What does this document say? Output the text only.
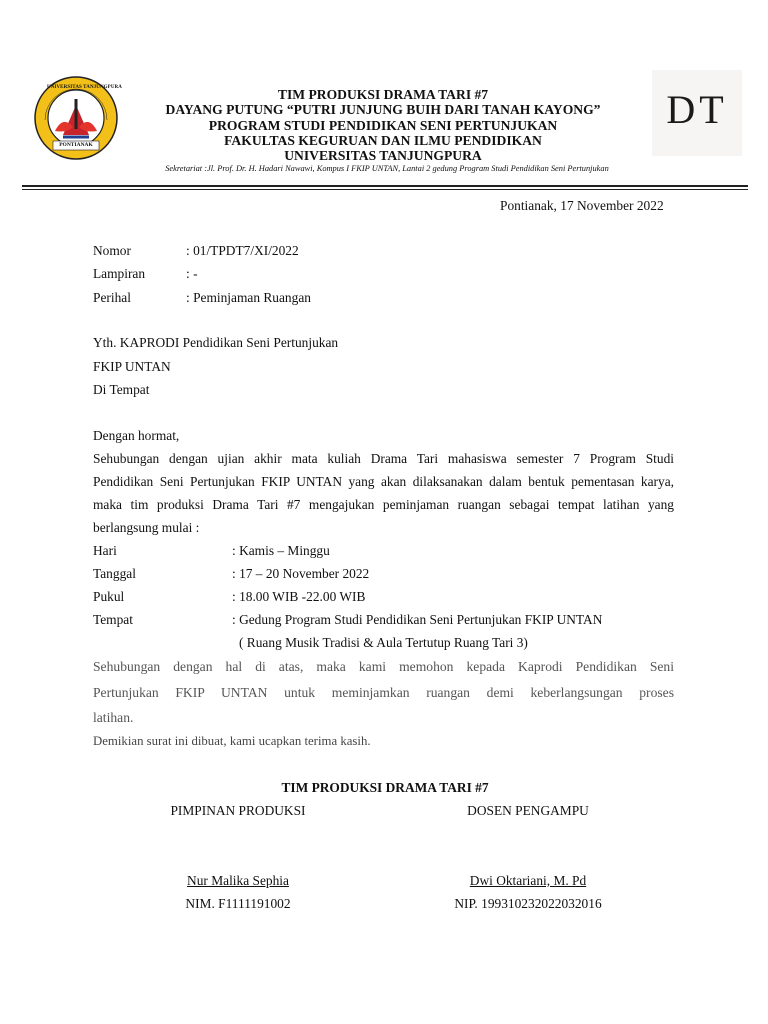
UNIVERSITAS TANJUNGPURA
PONTIANAK
TIM PRODUKSI DRAMA TARI #7
DAYANG PUTUNG “PUTRI JUNJUNG BUIH DARI TANAH KAYONG”
PROGRAM STUDI PENDIDIKAN SENI PERTUNJUKAN
FAKULTAS KEGURUAN DAN ILMU PENDIDIKAN
UNIVERSITAS TANJUNGPURA
Sekretariat :Jl. Prof. Dr. H. Hadari Nawawi, Kompus I FKIP UNTAN, Lantai 2 gedung Program Studi Pendidikan Seni Pertunjukan
DT
Pontianak, 17 November 2022
Nomor	: 01/TPDT7/XI/2022
Lampiran	: -
Perihal	: Peminjaman Ruangan
Yth. KAPRODI Pendidikan Seni Pertunjukan
FKIP UNTAN
Di Tempat
Dengan hormat,
Sehubungan dengan ujian akhir mata kuliah Drama Tari mahasiswa semester 7 Program Studi
Pendidikan Seni Pertunjukan FKIP UNTAN yang akan dilaksanakan dalam bentuk pementasan karya,
maka tim produksi Drama Tari #7 mengajukan peminjaman ruangan sebagai tempat latihan yang
berlangsung mulai :
Hari	: Kamis – Minggu
Tanggal	: 17 – 20 November 2022
Pukul	: 18.00 WIB -22.00 WIB
Tempat	: Gedung Program Studi Pendidikan Seni Pertunjukan FKIP UNTAN
( Ruang Musik Tradisi & Aula Tertutup Ruang Tari 3)
Sehubungan dengan hal di atas, maka kami memohon kepada Kaprodi Pendidikan Seni
Pertunjukan FKIP UNTAN untuk meminjamkan ruangan demi keberlangsungan proses
latihan.
Demikian surat ini dibuat, kami ucapkan terima kasih.
TIM PRODUKSI DRAMA TARI #7
PIMPINAN PRODUKSI	DOSEN PENGAMPU
Nur Malika Sephia	Dwi Oktariani, M. Pd
NIM. F1111191002	NIP. 199310232022032016
